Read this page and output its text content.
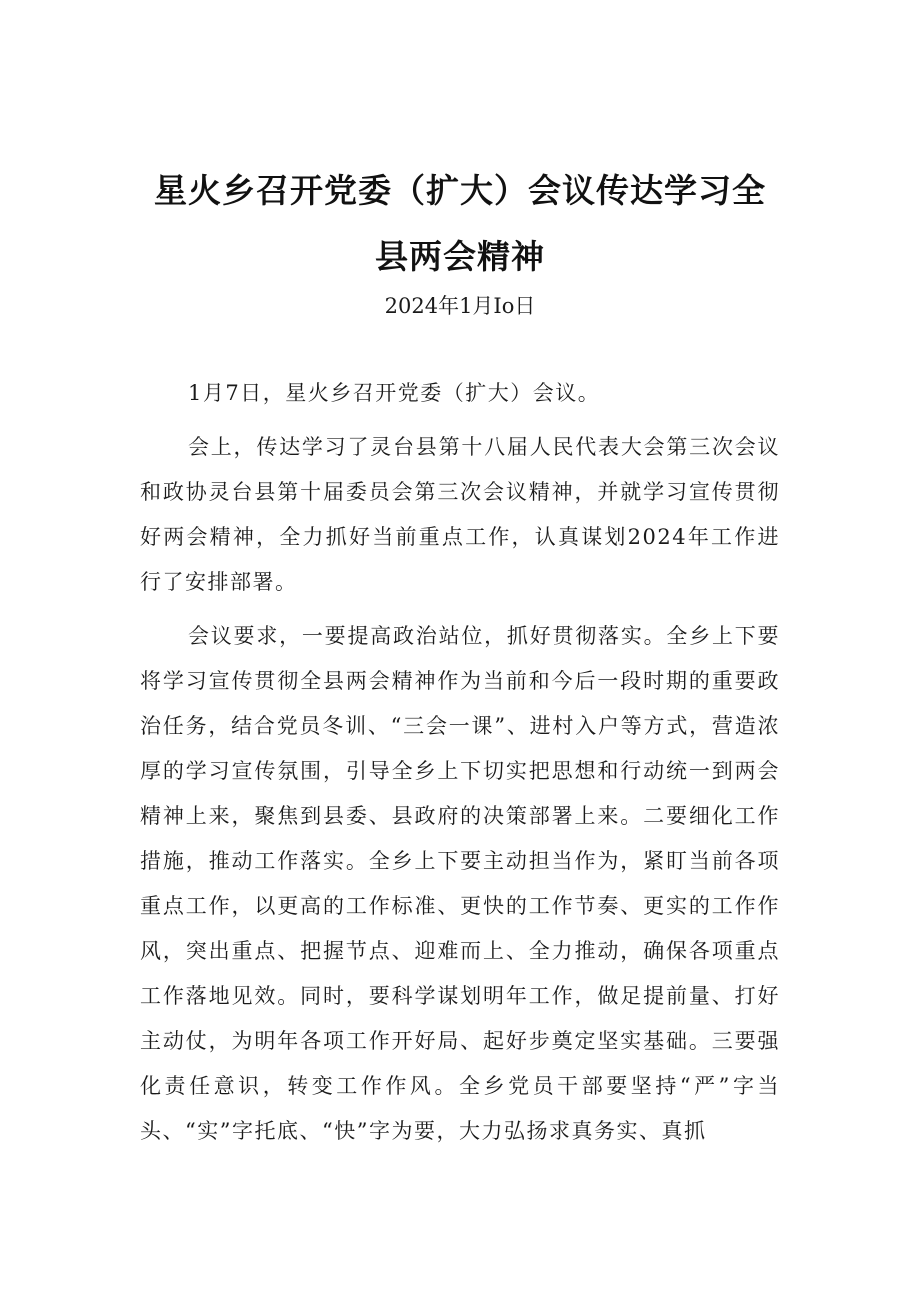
星火乡召开党委（扩大）会议传达学习全
县两会精神
2024年1月Io日

1月7日，星火乡召开党委（扩大）会议。

会上，传达学习了灵台县第十八届人民代表大会第三次会议和政协灵台县第十届委员会第三次会议精神，并就学习宣传贯彻好两会精神，全力抓好当前重点工作，认真谋划2024年工作进行了安排部署。

会议要求，一要提高政治站位，抓好贯彻落实。全乡上下要将学习宣传贯彻全县两会精神作为当前和今后一段时期的重要政治任务，结合党员冬训、“三会一课”、进村入户等方式，营造浓厚的学习宣传氛围，引导全乡上下切实把思想和行动统一到两会精神上来，聚焦到县委、县政府的决策部署上来。二要细化工作措施，推动工作落实。全乡上下要主动担当作为，紧盯当前各项重点工作，以更高的工作标准、更快的工作节奏、更实的工作作风，突出重点、把握节点、迎难而上、全力推动，确保各项重点工作落地见效。同时，要科学谋划明年工作，做足提前量、打好主动仗，为明年各项工作开好局、起好步奠定坚实基础。三要强化责任意识，转变工作作风。全乡党员干部要坚持“严”字当头、“实”字托底、“快”字为要，大力弘扬求真务实、真抓
